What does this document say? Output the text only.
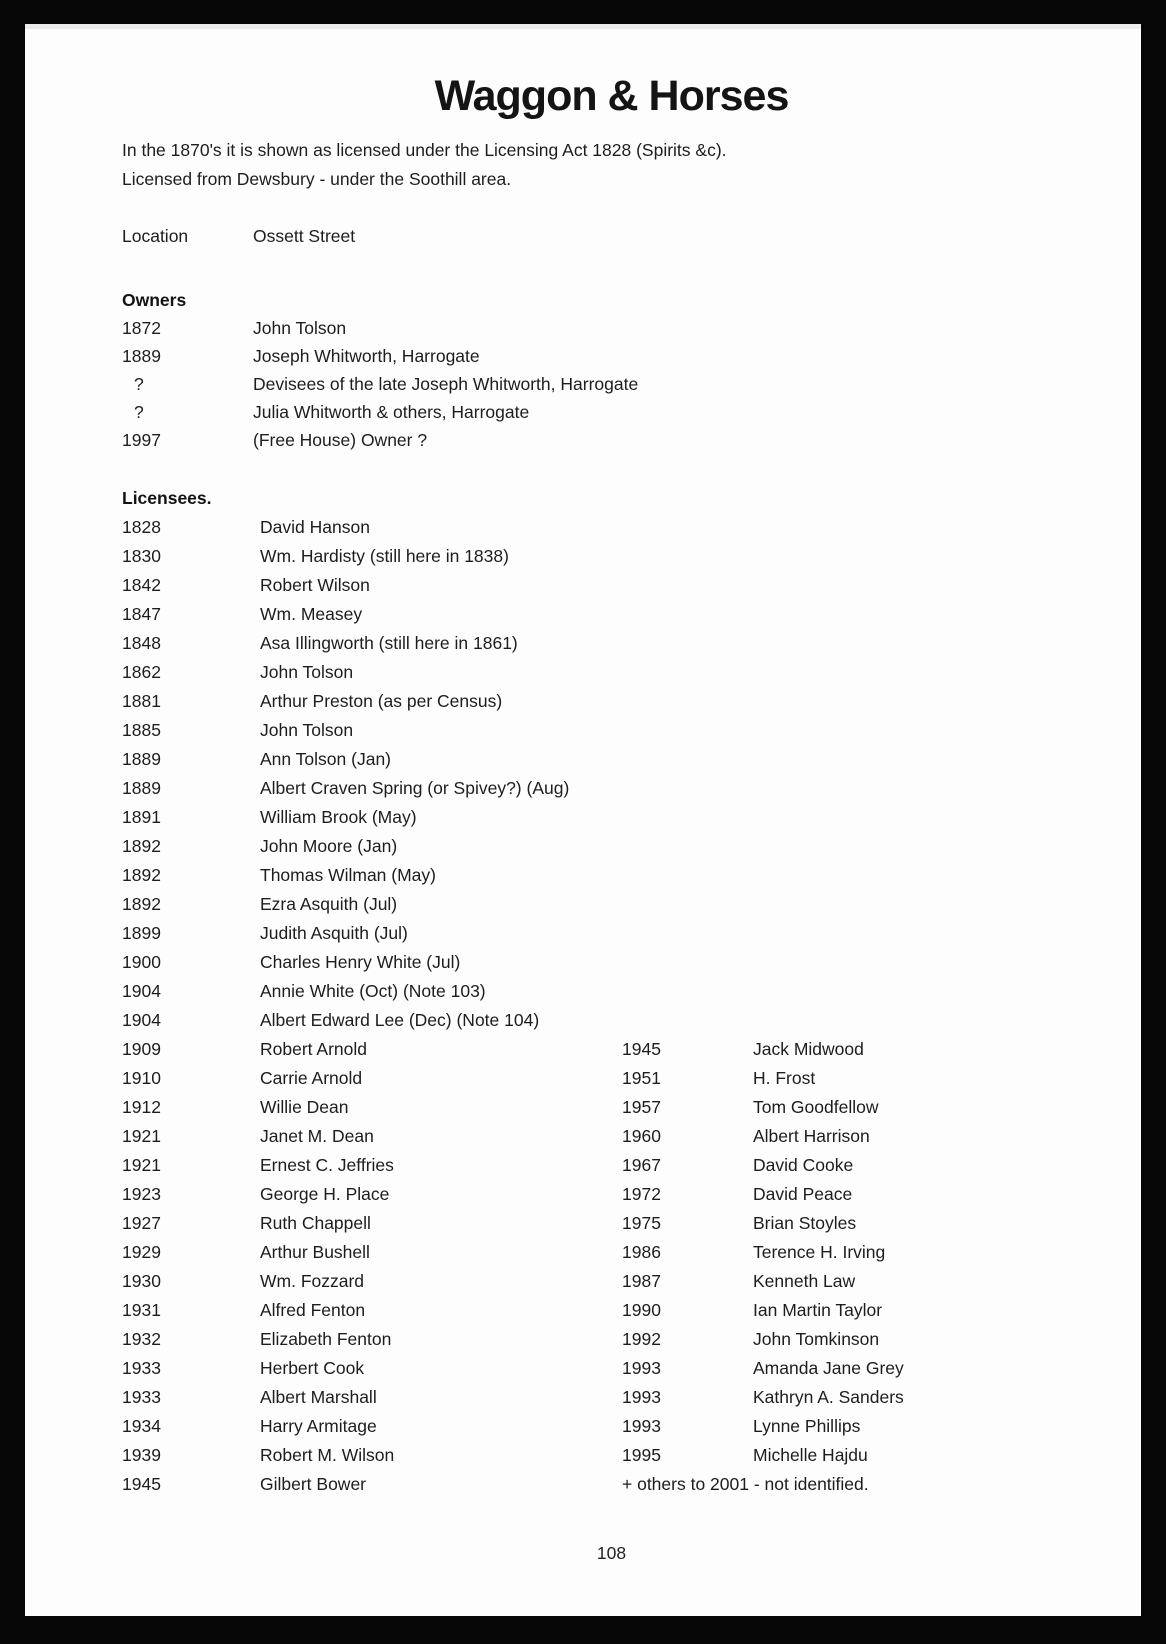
Waggon & Horses

In the 1870's it is shown as licensed under the Licensing Act 1828 (Spirits &c).

Licensed from Dewsbury - under the Soothill area.

Location	Ossett Street
Owners
1872	John Tolson
1889	Joseph Whitworth, Harrogate
?	Devisees of the late Joseph Whitworth, Harrogate
?	Julia Whitworth & others, Harrogate
1997	(Free House) Owner ?
Licensees.
1828	David Hanson
1830	Wm. Hardisty (still here in 1838)
1842	Robert Wilson
1847	Wm. Measey
1848	Asa Illingworth (still here in 1861)
1862	John Tolson
1881	Arthur Preston (as per Census)
1885	John Tolson
1889	Ann Tolson (Jan)
1889	Albert Craven Spring (or Spivey?) (Aug)
1891	William Brook (May)
1892	John Moore (Jan)
1892	Thomas Wilman (May)
1892	Ezra Asquith (Jul)
1899	Judith Asquith (Jul)
1900	Charles Henry White (Jul)
1904	Annie White (Oct) (Note 103)
1904	Albert Edward Lee (Dec) (Note 104)
1909	Robert Arnold	1945	Jack Midwood
1910	Carrie Arnold	1951	H. Frost
1912	Willie Dean	1957	Tom Goodfellow
1921	Janet M. Dean	1960	Albert Harrison
1921	Ernest C. Jeffries	1967	David Cooke
1923	George H. Place	1972	David Peace
1927	Ruth Chappell	1975	Brian Stoyles
1929	Arthur Bushell	1986	Terence H. Irving
1930	Wm. Fozzard	1987	Kenneth Law
1931	Alfred Fenton	1990	Ian Martin Taylor
1932	Elizabeth Fenton	1992	John Tomkinson
1933	Herbert Cook	1993	Amanda Jane Grey
1933	Albert Marshall	1993	Kathryn A. Sanders
1934	Harry Armitage	1993	Lynne Phillips
1939	Robert M. Wilson	1995	Michelle Hajdu
1945	Gilbert Bower	+ others to 2001 - not identified.
108
